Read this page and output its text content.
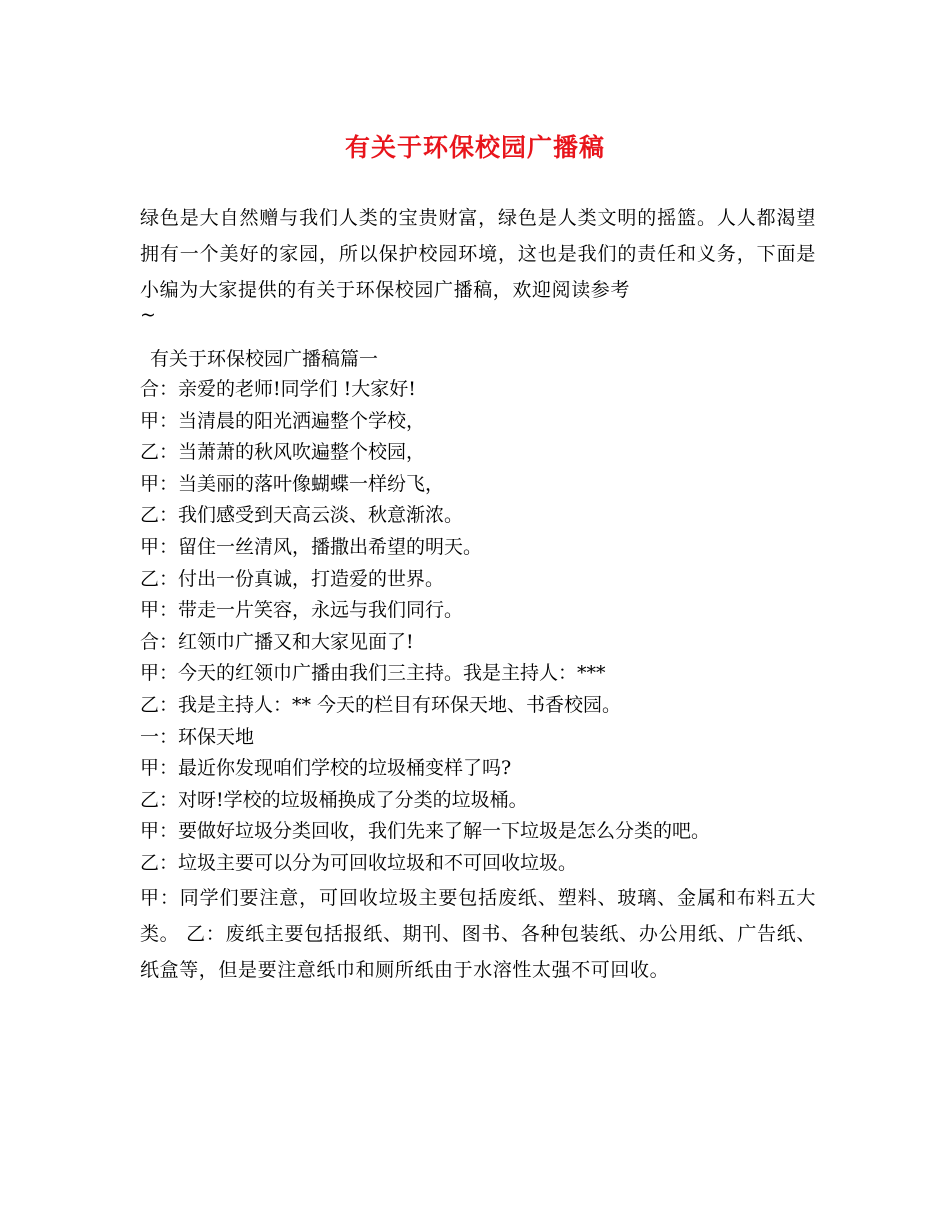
有关于环保校园广播稿

绿色是大自然赠与我们人类的宝贵财富，绿色是人类文明的摇篮。人人都渴望拥有一个美好的家园，所以保护校园环境，这也是我们的责任和义务，下面是小编为大家提供的有关于环保校园广播稿，欢迎阅读参考

~

有关于环保校园广播稿篇一

合：亲爱的老师!同学们 !大家好!
甲：当清晨的阳光洒遍整个学校，
乙：当萧萧的秋风吹遍整个校园，
甲：当美丽的落叶像蝴蝶一样纷飞，
乙：我们感受到天高云淡、秋意渐浓。
甲：留住一丝清风，播撒出希望的明天。
乙：付出一份真诚，打造爱的世界。
甲：带走一片笑容，永远与我们同行。
合：红领巾广播又和大家见面了!
甲：今天的红领巾广播由我们三主持。我是主持人：***
乙：我是主持人：** 今天的栏目有环保天地、书香校园。
一：环保天地
甲：最近你发现咱们学校的垃圾桶变样了吗?
乙：对呀!学校的垃圾桶换成了分类的垃圾桶。
甲：要做好垃圾分类回收，我们先来了解一下垃圾是怎么分类的吧。
乙：垃圾主要可以分为可回收垃圾和不可回收垃圾。

甲：同学们要注意，可回收垃圾主要包括废纸、塑料、玻璃、金属和布料五大类。 乙：废纸主要包括报纸、期刊、图书、各种包装纸、办公用纸、广告纸、纸盒等，但是要注意纸巾和厕所纸由于水溶性太强不可回收。
